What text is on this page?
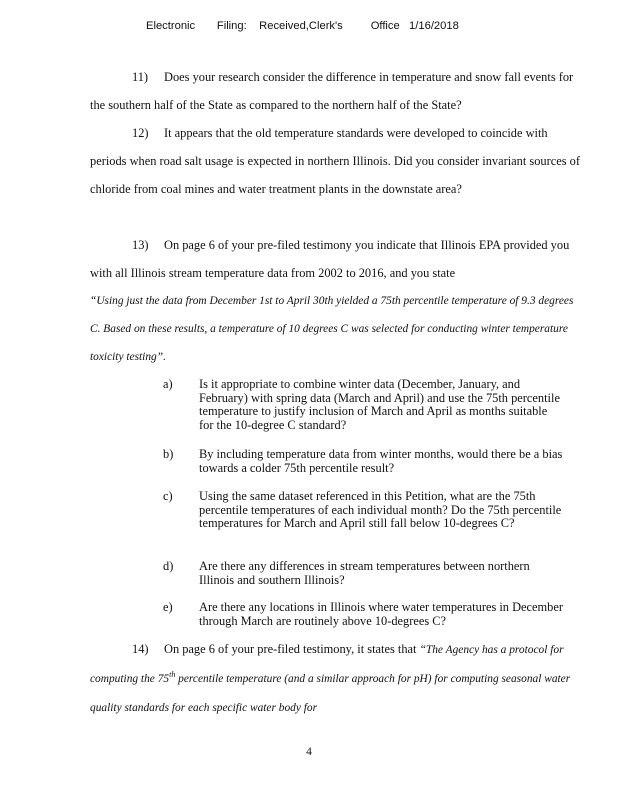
Electronic       Filing:    Received,Clerk's         Office   1/16/2018
11) Does your research consider the difference in temperature and snow fall events for the southern half of the State as compared to the northern half of the State?
12) It appears that the old temperature standards were developed to coincide with periods when road salt usage is expected in northern Illinois. Did you consider invariant sources of chloride from coal mines and water treatment plants in the downstate area?
13) On page 6 of your pre-filed testimony you indicate that Illinois EPA provided you with all Illinois stream temperature data from 2002 to 2016, and you state
“Using just the data from December 1st to April 30th yielded a 75th percentile temperature of 9.3 degrees C. Based on these results, a temperature of 10 degrees C was selected for conducting winter temperature toxicity testing”.
a) Is it appropriate to combine winter data (December, January, and February) with spring data (March and April) and use the 75th percentile temperature to justify inclusion of March and April as months suitable for the 10-degree C standard?
b) By including temperature data from winter months, would there be a bias towards a colder 75th percentile result?
c) Using the same dataset referenced in this Petition, what are the 75th percentile temperatures of each individual month? Do the 75th percentile temperatures for March and April still fall below 10-degrees C?
d) Are there any differences in stream temperatures between northern Illinois and southern Illinois?
e) Are there any locations in Illinois where water temperatures in December through March are routinely above 10-degrees C?
14) On page 6 of your pre-filed testimony, it states that “The Agency has a protocol for computing the 75th percentile temperature (and a similar approach for pH) for computing seasonal water quality standards for each specific water body for
4
